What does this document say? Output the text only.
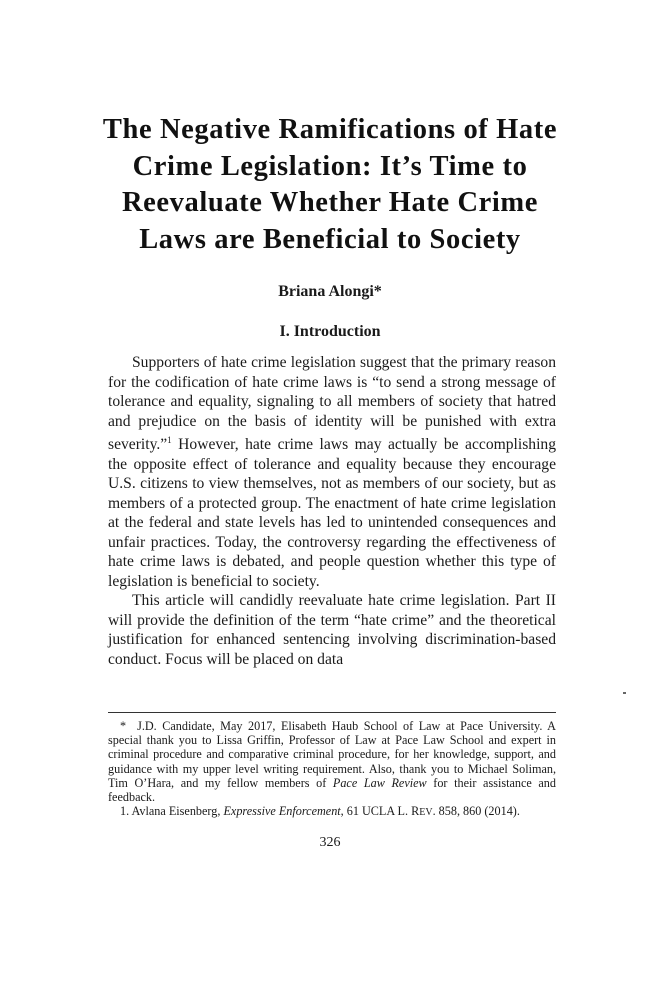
The Negative Ramifications of Hate Crime Legislation: It’s Time to Reevaluate Whether Hate Crime Laws are Beneficial to Society
Briana Alongi*
I. Introduction

Supporters of hate crime legislation suggest that the primary reason for the codification of hate crime laws is “to send a strong message of tolerance and equality, signaling to all members of society that hatred and prejudice on the basis of identity will be punished with extra severity.”$^1$ However, hate crime laws may actually be accomplishing the opposite effect of tolerance and equality because they encourage U.S. citizens to view themselves, not as members of our society, but as members of a protected group. The enactment of hate crime legislation at the federal and state levels has led to unintended consequences and unfair practices. Today, the controversy regarding the effectiveness of hate crime laws is debated, and people question whether this type of legislation is beneficial to society.

This article will candidly reevaluate hate crime legislation. Part II will provide the definition of the term “hate crime” and the theoretical justification for enhanced sentencing involving discrimination-based conduct. Focus will be placed on data

* J.D. Candidate, May 2017, Elisabeth Haub School of Law at Pace University. A special thank you to Lissa Griffin, Professor of Law at Pace Law School and expert in criminal procedure and comparative criminal procedure, for her knowledge, support, and guidance with my upper level writing requirement. Also, thank you to Michael Soliman, Tim O’Hara, and my fellow members of Pace Law Review for their assistance and feedback.

1. Avlana Eisenberg, Expressive Enforcement, 61 UCLA L. REV. 858, 860 (2014).

326
